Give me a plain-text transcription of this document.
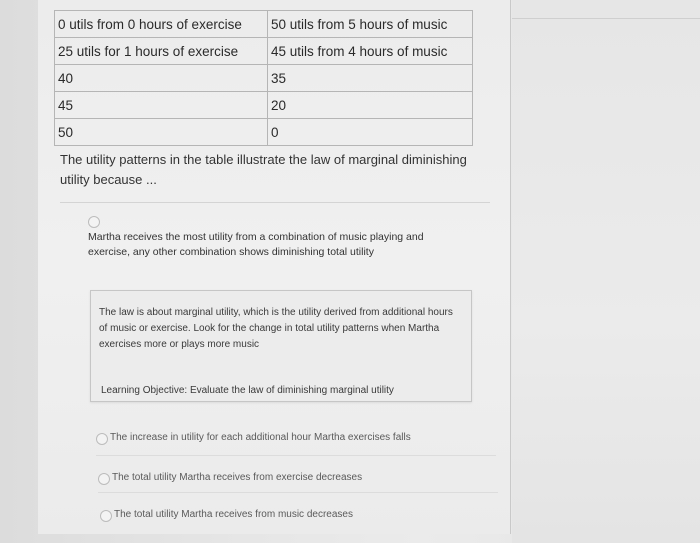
0 utils from 0 hours of exercise	50 utils from 5 hours of music
25 utils for 1 hours of exercise	45 utils from 4 hours of music
40	35
45	20
50	0
The utility patterns in the table illustrate the law of marginal diminishing utility because ...
Martha receives the most utility from a combination of music playing and exercise, any other combination shows diminishing total utility
The law is about marginal utility, which is the utility derived from additional hours of music or exercise. Look for the change in total utility patterns when Martha exercises more or plays more music
Learning Objective: Evaluate the law of diminishing marginal utility
The increase in utility for each additional hour Martha exercises falls
The total utility Martha receives from exercise decreases
The total utility Martha receives from music decreases
